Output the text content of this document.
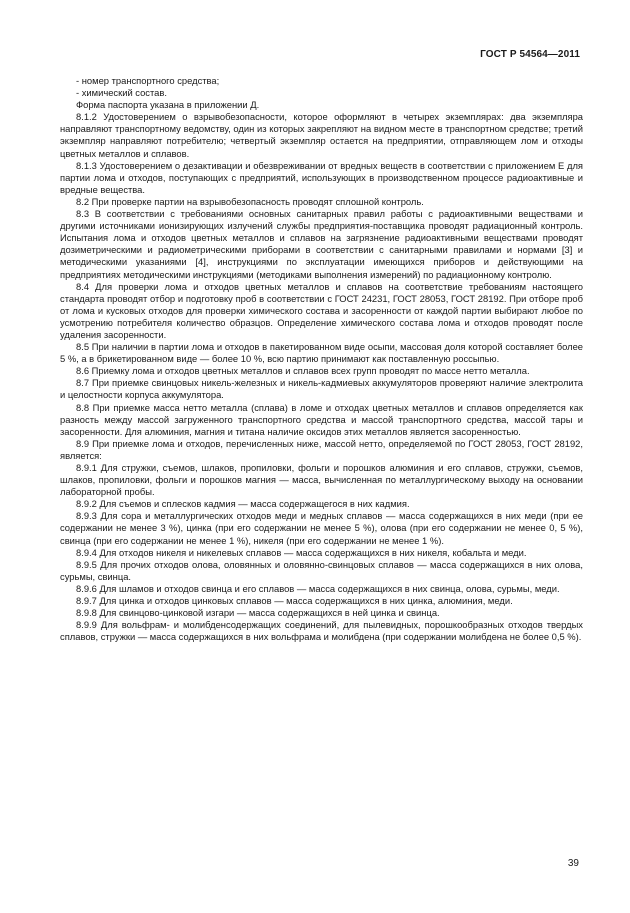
ГОСТ Р 54564—2011

- номер транспортного средства;

- химический состав.

Форма паспорта указана в приложении Д.

8.1.2 Удостоверением о взрывобезопасности, которое оформляют в четырех экземплярах: два экземпляра направляют транспортному ведомству, один из которых закрепляют на видном месте в транспортном средстве; третий экземпляр направляют потребителю; четвертый экземпляр остается на предприятии, отправляющем лом и отходы цветных металлов и сплавов.

8.1.3 Удостоверением о дезактивации и обезвреживании от вредных веществ в соответствии с приложением Е для партии лома и отходов, поступающих с предприятий, использующих в производственном процессе радиоактивные и вредные вещества.

8.2 При проверке партии на взрывобезопасность проводят сплошной контроль.

8.3 В соответствии с требованиями основных санитарных правил работы с радиоактивными веществами и другими источниками ионизирующих излучений службы предприятия-поставщика проводят радиационный контроль. Испытания лома и отходов цветных металлов и сплавов на загрязнение радиоактивными веществами проводят дозиметрическими и радиометрическими приборами в соответствии с санитарными правилами и нормами [3] и методическими указаниями [4], инструкциями по эксплуатации имеющихся приборов и действующими на предприятиях методическими инструкциями (методиками выполнения измерений) по радиационному контролю.

8.4 Для проверки лома и отходов цветных металлов и сплавов на соответствие требованиям настоящего стандарта проводят отбор и подготовку проб в соответствии с ГОСТ 24231, ГОСТ 28053, ГОСТ 28192. При отборе проб от лома и кусковых отходов для проверки химического состава и засоренности от каждой партии выбирают любое по усмотрению потребителя количество образцов. Определение химического состава лома и отходов проводят после удаления засоренности.

8.5 При наличии в партии лома и отходов в пакетированном виде осыпи, массовая доля которой составляет более 5 %, а в брикетированном виде — более 10 %, всю партию принимают как поставленную россыпью.

8.6 Приемку лома и отходов цветных металлов и сплавов всех групп проводят по массе нетто металла.

8.7 При приемке свинцовых никель-железных и никель-кадмиевых аккумуляторов проверяют наличие электролита и целостности корпуса аккумулятора.

8.8 При приемке масса нетто металла (сплава) в ломе и отходах цветных металлов и сплавов определяется как разность между массой загруженного транспортного средства и массой транспортного средства, массой тары и засоренности. Для алюминия, магния и титана наличие оксидов этих металлов является засоренностью.

8.9 При приемке лома и отходов, перечисленных ниже, массой нетто, определяемой по ГОСТ 28053, ГОСТ 28192, является:

8.9.1 Для стружки, съемов, шлаков, пропиловки, фольги и порошков алюминия и его сплавов, стружки, съемов, шлаков, пропиловки, фольги и порошков магния — масса, вычисленная по металлургическому выходу на основании лабораторной пробы.

8.9.2 Для съемов и сплесков кадмия — масса содержащегося в них кадмия.

8.9.3 Для сора и металлургических отходов меди и медных сплавов — масса содержащихся в них меди (при ее содержании не менее 3 %), цинка (при его содержании не менее 5 %), олова (при его содержании не менее 0, 5 %), свинца (при его содержании не менее 1 %), никеля (при его содержании не менее 1 %).

8.9.4 Для отходов никеля и никелевых сплавов — масса содержащихся в них никеля, кобальта и меди.

8.9.5 Для прочих отходов олова, оловянных и оловянно-свинцовых сплавов — масса содержащихся в них олова, сурьмы, свинца.

8.9.6 Для шламов и отходов свинца и его сплавов — масса содержащихся в них свинца, олова, сурьмы, меди.

8.9.7 Для цинка и отходов цинковых сплавов — масса содержащихся в них цинка, алюминия, меди.

8.9.8 Для свинцово-цинковой изгари — масса содержащихся в ней цинка и свинца.

8.9.9 Для вольфрам- и молибденсодержащих соединений, для пылевидных, порошкообразных отходов твердых сплавов, стружки — масса содержащихся в них вольфрама и молибдена (при содержании молибдена не более 0,5 %).

39
